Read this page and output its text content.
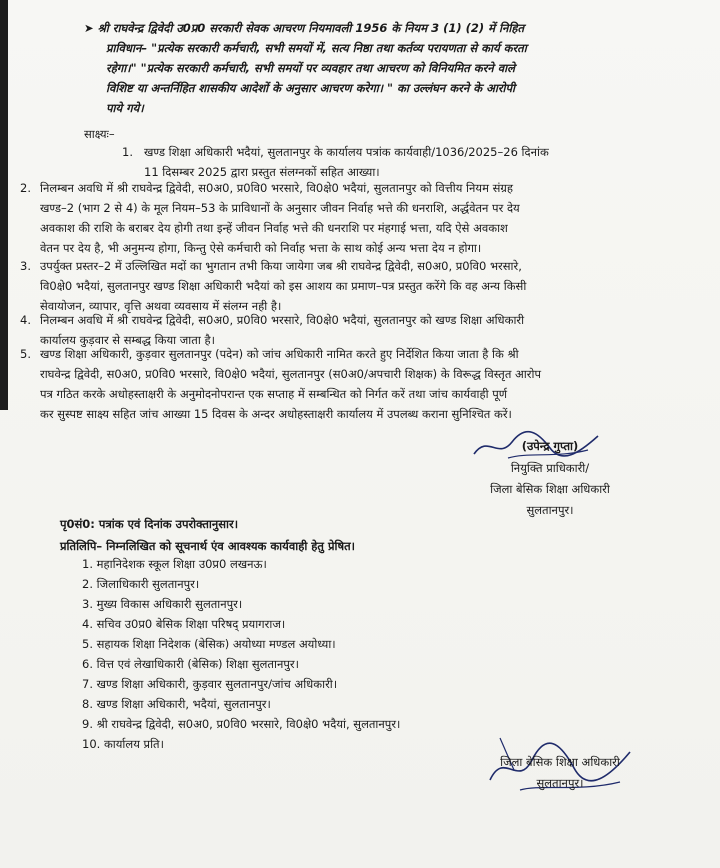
➤ श्री राघवेन्द्र द्विवेदी उ0प्र0 सरकारी सेवक आचरण नियमावली 1956 के नियम 3 (1) (2) में निहित
प्राविधान– "प्रत्येक सरकारी कर्मचारी, सभी समयों में, सत्य निष्ठा तथा कर्तव्य परायणता से कार्य करता
रहेगा।" "प्रत्येक सरकारी कर्मचारी, सभी समयों पर व्यवहार तथा आचरण को विनियमित करने वाले
विशिष्ट या अन्तर्निहित शासकीय आदेशों के अनुसार आचरण करेगा। " का उल्लंघन करने के आरोपी
पाये गये।
साक्ष्यः–
1. खण्ड शिक्षा अधिकारी भदैयां, सुलतानपुर के कार्यालय पत्रांक कार्यवाही/1036/2025–26 दिनांक
11 दिसम्बर 2025 द्वारा प्रस्तुत संलग्नकों सहित आख्या।
2. निलम्बन अवधि में श्री राघवेन्द्र द्विवेदी, स0अ0, प्र0वि0 भरसारे, वि0क्षे0 भदैयां, सुलतानपुर को वित्तीय नियम संग्रह
खण्ड–2 (भाग 2 से 4) के मूल नियम–53 के प्राविधानों के अनुसार जीवन निर्वाह भत्ते की धनराशि, अर्द्धवेतन पर देय
अवकाश की राशि के बराबर देय होगी तथा इन्हें जीवन निर्वाह भत्ते की धनराशि पर मंहगाई भत्ता, यदि ऐसे अवकाश
वेतन पर देय है, भी अनुमन्य होगा, किन्तु ऐसे कर्मचारी को निर्वाह भत्ता के साथ कोई अन्य भत्ता देय न होगा।
3. उपर्युक्त प्रस्तर–2 में उल्लिखित मदों का भुगतान तभी किया जायेगा जब श्री राघवेन्द्र द्विवेदी, स0अ0, प्र0वि0 भरसारे,
वि0क्षे0 भदैयां, सुलतानपुर खण्ड शिक्षा अधिकारी भदैयां को इस आशय का प्रमाण–पत्र प्रस्तुत करेंगे कि वह अन्य किसी
सेवायोजन, व्यापार, वृत्ति अथवा व्यवसाय में संलग्न नही है।
4. निलम्बन अवधि में श्री राघवेन्द्र द्विवेदी, स0अ0, प्र0वि0 भरसारे, वि0क्षे0 भदैयां, सुलतानपुर को खण्ड शिक्षा अधिकारी
कार्यालय कुड़वार से सम्बद्ध किया जाता है।
5. खण्ड शिक्षा अधिकारी, कुड़वार सुलतानपुर (पदेन) को जांच अधिकारी नामित करते हुए निर्देशित किया जाता है कि श्री
राघवेन्द्र द्विवेदी, स0अ0, प्र0वि0 भरसारे, वि0क्षे0 भदैयां, सुलतानपुर (स0अ0/अपचारी शिक्षक) के विरूद्ध विस्तृत आरोप
पत्र गठित करके अधोहस्ताक्षरी के अनुमोदनोपरान्त एक सप्ताह में सम्बन्धित को निर्गत करें तथा जांच कार्यवाही पूर्ण
कर सुस्पष्ट साक्ष्य सहित जांच आख्या 15 दिवस के अन्दर अधोहस्ताक्षरी कार्यालय में उपलब्ध कराना सुनिश्चित करें।
(उपेन्द्र गुप्ता)
नियुक्ति प्राधिकारी/
जिला बेसिक शिक्षा अधिकारी
सुलतानपुर।
पृ0सं0: पत्रांक एवं दिनांक उपरोक्तानुसार।
प्रतिलिपि– निम्नलिखित को सूचनार्थ एंव आवश्यक कार्यवाही हेतु प्रेषित।
1. महानिदेशक स्कूल शिक्षा उ0प्र0 लखनऊ।
2. जिलाधिकारी सुलतानपुर।
3. मुख्य विकास अधिकारी सुलतानपुर।
4. सचिव उ0प्र0 बेसिक शिक्षा परिषद् प्रयागराज।
5. सहायक शिक्षा निदेशक (बेसिक) अयोध्या मण्डल अयोध्या।
6. वित्त एवं लेखाधिकारी (बेसिक) शिक्षा सुलतानपुर।
7. खण्ड शिक्षा अधिकारी, कुड़वार सुलतानपुर/जांच अधिकारी।
8. खण्ड शिक्षा अधिकारी, भदैयां, सुलतानपुर।
9. श्री राघवेन्द्र द्विवेदी, स0अ0, प्र0वि0 भरसारे, वि0क्षे0 भदैयां, सुलतानपुर।
10. कार्यालय प्रति।
जिला बेसिक शिक्षा अधिकारी
सुलतानपुर।
